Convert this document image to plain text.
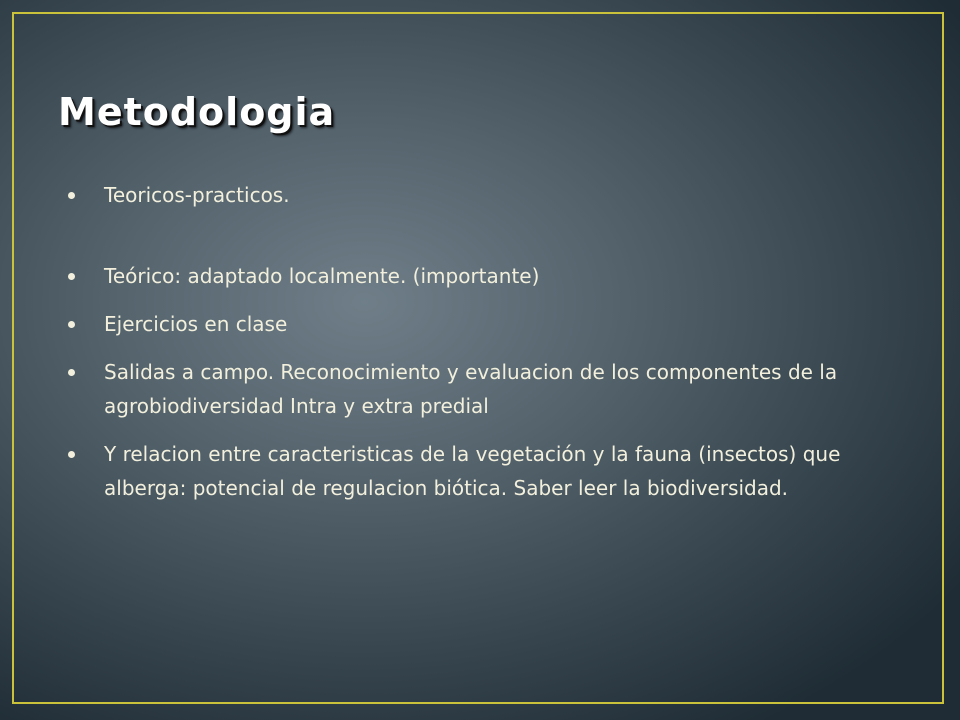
Metodologia
Teoricos-practicos.
Teórico: adaptado localmente. (importante)
Ejercicios en clase
Salidas a campo. Reconocimiento y evaluacion de los componentes de la agrobiodiversidad Intra y extra predial
Y relacion entre caracteristicas de la vegetación y la fauna (insectos) que alberga: potencial de regulacion biótica. Saber leer la biodiversidad.
